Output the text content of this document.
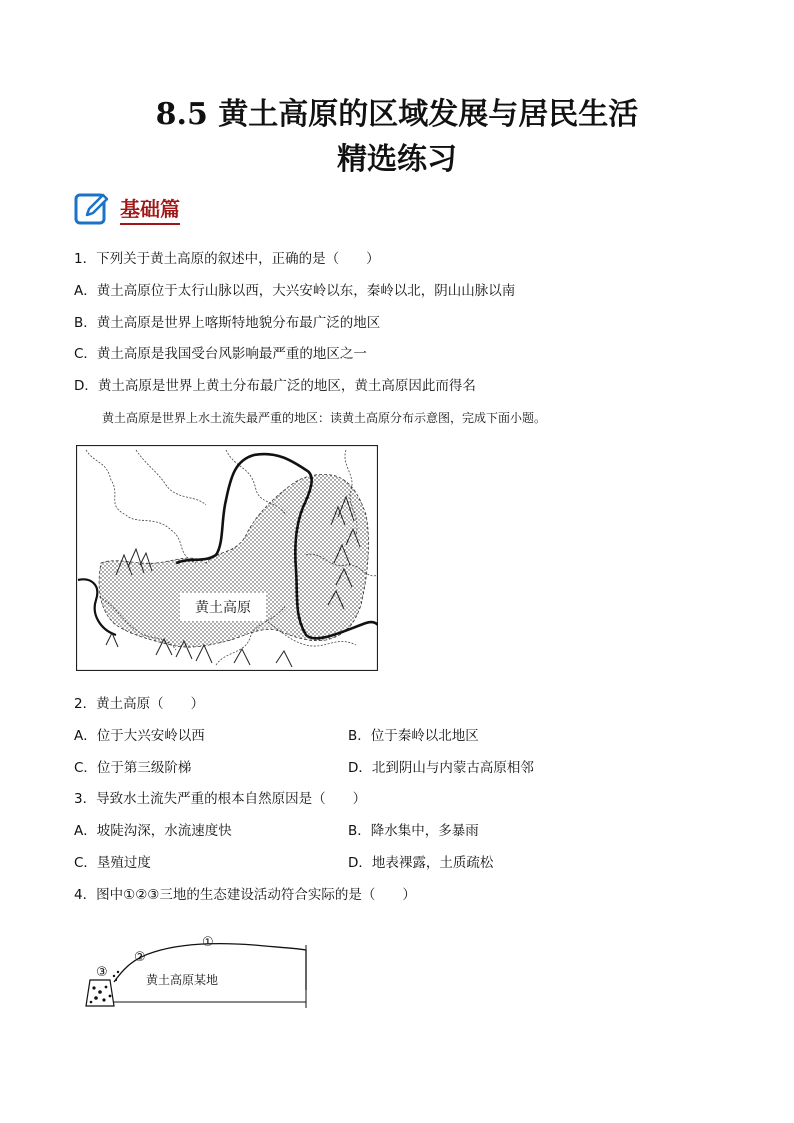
8.5 黄土高原的区域发展与居民生活
精选练习
基础篇
1．下列关于黄土高原的叙述中，正确的是（　　）
A．黄土高原位于太行山脉以西，大兴安岭以东，秦岭以北，阴山山脉以南
B．黄土高原是世界上喀斯特地貌分布最广泛的地区
C．黄土高原是我国受台风影响最严重的地区之一
D．黄土高原是世界上黄土分布最广泛的地区，黄土高原因此而得名
黄土高原是世界上水土流失最严重的地区：读黄土高原分布示意图，完成下面小题。
黄土高原
2．黄土高原（　　）
A．位于大兴安岭以西	B．位于秦岭以北地区
C．位于第三级阶梯	D．北到阴山与内蒙古高原相邻
3．导致水土流失严重的根本自然原因是（　　）
A．坡陡沟深，水流速度快	B．降水集中，多暴雨
C．垦殖过度	D．地表裸露，土质疏松
4．图中①②③三地的生态建设活动符合实际的是（　　）
①
②
③	黄土高原某地
